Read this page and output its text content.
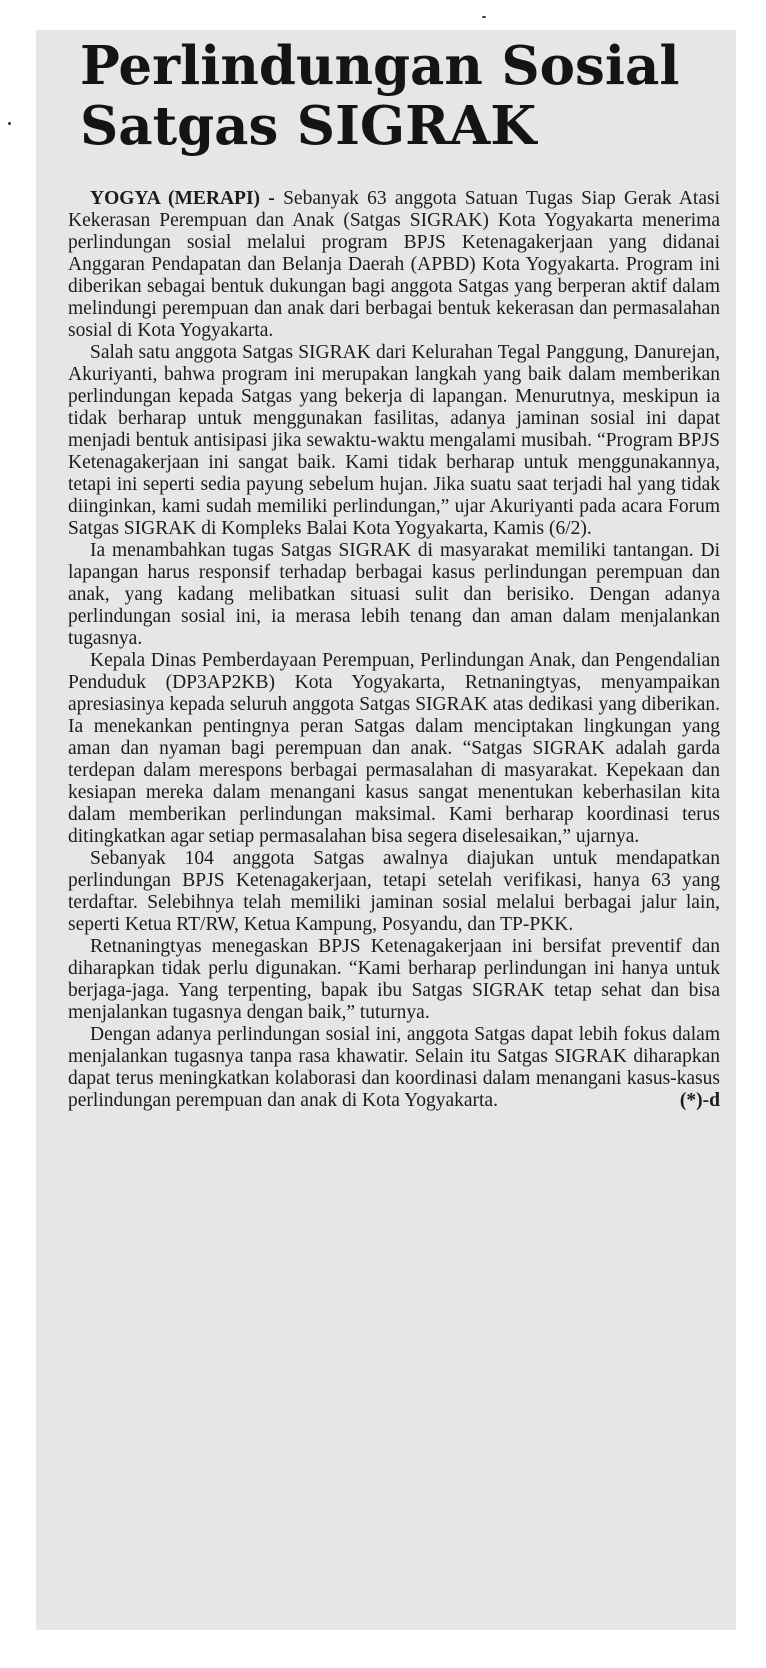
Perlindungan Sosial
Satgas SIGRAK

YOGYA (MERAPI) - Sebanyak 63 anggota Satuan Tugas Siap Gerak Atasi Kekerasan Perempuan dan Anak (Satgas SIGRAK) Kota Yogyakarta menerima perlindungan sosial melalui program BPJS Ketenagakerjaan yang didanai Anggaran Pendapatan dan Belanja Daerah (APBD) Kota Yogyakarta. Program ini diberikan sebagai bentuk dukungan bagi anggota Satgas yang berperan aktif dalam melindungi perempuan dan anak dari berbagai bentuk kekerasan dan permasalahan sosial di Kota Yogyakarta.

Salah satu anggota Satgas SIGRAK dari Kelurahan Tegal Panggung, Danurejan, Akuriyanti, bahwa program ini merupakan langkah yang baik dalam memberikan perlindungan kepada Satgas yang bekerja di lapangan. Menurutnya, meskipun ia tidak berharap untuk menggunakan fasilitas, adanya jaminan sosial ini dapat menjadi bentuk antisipasi jika sewaktu-waktu mengalami musibah. “Program BPJS Ketenagakerjaan ini sangat baik. Kami tidak berharap untuk menggunakannya, tetapi ini seperti sedia payung sebelum hujan. Jika suatu saat terjadi hal yang tidak diinginkan, kami sudah memiliki perlindungan,” ujar Akuriyanti pada acara Forum Satgas SIGRAK di Kompleks Balai Kota Yogyakarta, Kamis (6/2).

Ia menambahkan tugas Satgas SIGRAK di masyarakat memiliki tantangan. Di lapangan harus responsif terhadap berbagai kasus perlindungan perempuan dan anak, yang kadang melibatkan situasi sulit dan berisiko. Dengan adanya perlindungan sosial ini, ia merasa lebih tenang dan aman dalam menjalankan tugasnya.

Kepala Dinas Pemberdayaan Perempuan, Perlindungan Anak, dan Pengendalian Penduduk (DP3AP2KB) Kota Yogyakarta, Retnaningtyas, menyampaikan apresiasinya kepada seluruh anggota Satgas SIGRAK atas dedikasi yang diberikan. Ia menekankan pentingnya peran Satgas dalam menciptakan lingkungan yang aman dan nyaman bagi perempuan dan anak. “Satgas SIGRAK adalah garda terdepan dalam merespons berbagai permasalahan di masyarakat. Kepekaan dan kesiapan mereka dalam menangani kasus sangat menentukan keberhasilan kita dalam memberikan perlindungan maksimal. Kami berharap koordinasi terus ditingkatkan agar setiap permasalahan bisa segera diselesaikan,” ujarnya.

Sebanyak 104 anggota Satgas awalnya diajukan untuk mendapatkan perlindungan BPJS Ketenagakerjaan, tetapi setelah verifikasi, hanya 63 yang terdaftar. Selebihnya telah memiliki jaminan sosial melalui berbagai jalur lain, seperti Ketua RT/RW, Ketua Kampung, Posyandu, dan TP-PKK.

Retnaningtyas menegaskan BPJS Ketenagakerjaan ini bersifat preventif dan diharapkan tidak perlu digunakan. “Kami berharap perlindungan ini hanya untuk berjaga-jaga. Yang terpenting, bapak ibu Satgas SIGRAK tetap sehat dan bisa menjalankan tugasnya dengan baik,” tuturnya.

Dengan adanya perlindungan sosial ini, anggota Satgas dapat lebih fokus dalam menjalankan tugasnya tanpa rasa khawatir. Selain itu Satgas SIGRAK diharapkan dapat terus meningkatkan kolaborasi dan koordinasi dalam menangani kasus-kasus perlindungan perempuan dan anak di Kota Yogyakarta.	(*)-d
